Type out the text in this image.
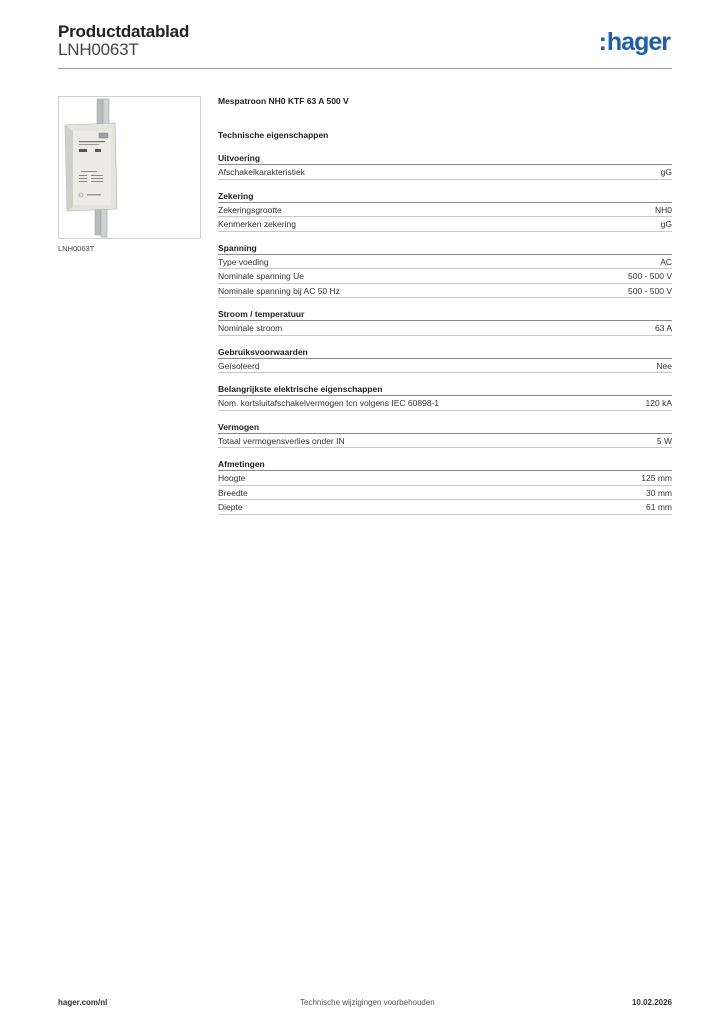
Productdatablad
LNH0063T	:hager
LNH0063T
Mespatroon NH0 KTF 63 A 500 V
Technische eigenschappen
Uitvoering
Afschakelkarakteristiek	gG
Zekering
Zekeringsgrootte	NH0
Kenmerken zekering	gG
Spanning
Type voeding	AC
Nominale spanning Ue	500 - 500 V
Nominale spanning bij AC 50 Hz	500 - 500 V
Stroom / temperatuur
Nominale stroom	63 A
Gebruiksvoorwaarden
Geïsoleerd	Nee
Belangrijkste elektrische eigenschappen
Nom. kortsluitafschakelvermogen Icn volgens IEC 60898-1	120 kA
Vermogen
Totaal vermogensverlies onder IN	5 W
Afmetingen
Hoogte	125 mm
Breedte	30 mm
Diepte	61 mm
hager.com/nl	Technische wijzigingen voorbehouden	10.02.2026
